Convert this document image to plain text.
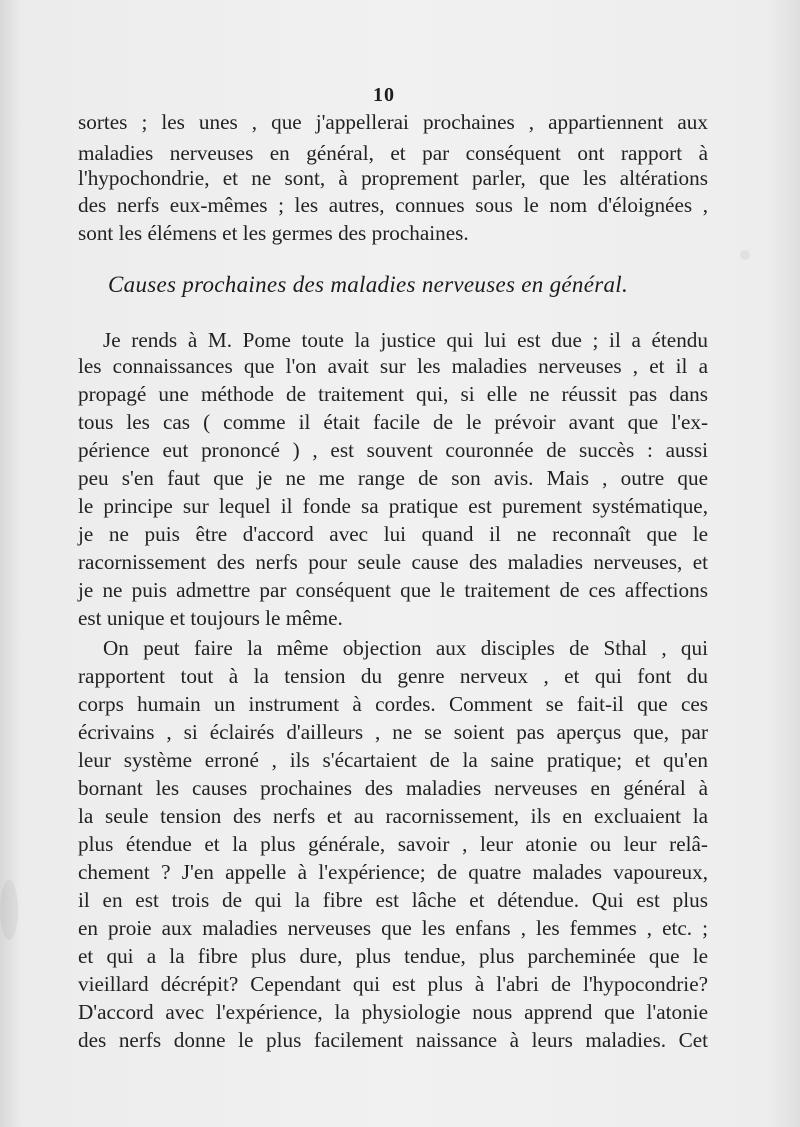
10
sortes ; les unes , que j'appellerai prochaines , appartiennent aux
maladies nerveuses en général, et par conséquent ont rapport à
l'hypochondrie, et ne sont, à proprement parler, que les altérations
des nerfs eux-mêmes ; les autres, connues sous le nom d'éloignées ,
sont les élémens et les germes des prochaines.
Causes prochaines des maladies nerveuses en général.
Je rends à M. Pome toute la justice qui lui est due ; il a étendu
les connaissances que l'on avait sur les maladies nerveuses , et il a
propagé une méthode de traitement qui, si elle ne réussit pas dans
tous les cas ( comme il était facile de le prévoir avant que l'ex-
périence eut prononcé ) , est souvent couronnée de succès : aussi
peu s'en faut que je ne me range de son avis. Mais , outre que
le principe sur lequel il fonde sa pratique est purement systématique,
je ne puis être d'accord avec lui quand il ne reconnaît que le
racornissement des nerfs pour seule cause des maladies nerveuses, et
je ne puis admettre par conséquent que le traitement de ces affections
est unique et toujours le même.
On peut faire la même objection aux disciples de Sthal , qui
rapportent tout à la tension du genre nerveux , et qui font du
corps humain un instrument à cordes. Comment se fait-il que ces
écrivains , si éclairés d'ailleurs , ne se soient pas aperçus que, par
leur système erroné , ils s'écartaient de la saine pratique; et qu'en
bornant les causes prochaines des maladies nerveuses en général à
la seule tension des nerfs et au racornissement, ils en excluaient la
plus étendue et la plus générale, savoir , leur atonie ou leur relâ-
chement ? J'en appelle à l'expérience; de quatre malades vapoureux,
il en est trois de qui la fibre est lâche et détendue. Qui est plus
en proie aux maladies nerveuses que les enfans , les femmes , etc. ;
et qui a la fibre plus dure, plus tendue, plus parcheminée que le
vieillard décrépit? Cependant qui est plus à l'abri de l'hypocondrie?
D'accord avec l'expérience, la physiologie nous apprend que l'atonie
des nerfs donne le plus facilement naissance à leurs maladies. Cet
